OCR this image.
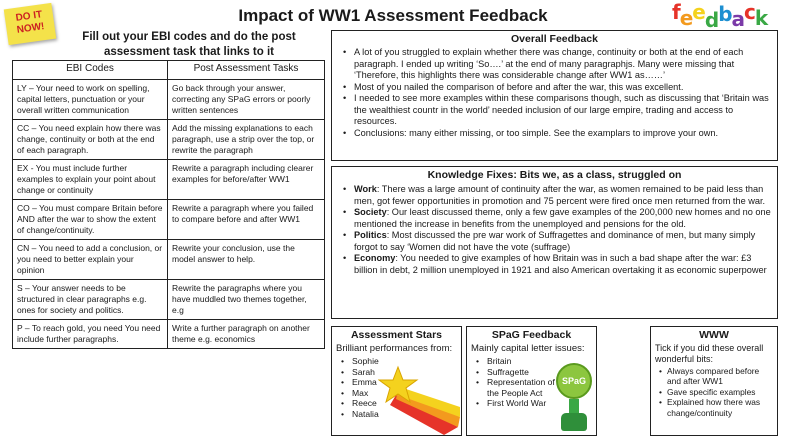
DO IT NOW!
Impact of WW1 Assessment Feedback	feedback
Fill out your EBI codes and do the post assessment task that links to it
EBI Codes	Post Assessment Tasks
LY – Your need to work on spelling, capital letters, punctuation or your overall written communication	Go back through your answer, correcting any SPaG errors or poorly written sentences
CC – You need explain how there was change, continuity or both at the end of each paragraph.	Add the missing explanations to each paragraph, use a strip over the top, or rewrite the paragraph
EX - You must include further examples to explain your point about change or continuity	Rewrite a paragraph including clearer examples for before/after WW1
CO – You must compare Britain before AND after the war to show the extent of change/continuity.	Rewrite a paragraph where you failed to compare before and after WW1
CN – You need to add a conclusion, or you need to better explain your opinion	Rewrite your conclusion, use the model answer to help.
S – Your answer needs to be structured in clear paragraphs e.g. ones for society and politics.	Rewrite the paragraphs where you have muddled two themes together, e.g
P – To reach gold, you need You need include further paragraphs.	Write a further paragraph on another theme e.g. economics
Overall Feedback
• A lot of you struggled to explain whether there was change, continuity or both at the end of each paragraph. I ended up writing ‘So….’ at the end of many paragraphjs. Many were missing that ‘Therefore, this highlights there was considerable change after WW1 as……’
• Most of you nailed the comparison of before and after the war, this was excellent.
• I needed to see more examples within these comparisons though, such as discussing that ‘Britain was the wealthiest countr in the world’ needed inclusion of our large empire, trading and access to resources.
• Conclusions: many either missing, or too simple. See the examplars to improve your own.
Knowledge Fixes: Bits we, as a class, struggled on
• Work: There was a large amount of continuity after the war, as women remained to be paid less than men, got fewer opportunities in promotion and 75 percent were fired once men returned from the war.
• Society: Our least discussed theme, only a few gave examples of the 200,000 new homes and no one mentioned the increase in benefits from the unemployed and pensions for the old.
• Politics: Most discussed the pre war work of Suffragettes and dominance of men, but many simply forgot to say ‘Women did not have the vote (suffrage)
• Economy: You needed to give examples of how Britain was in such a bad shape after the war: £3 billion in debt, 2 million unemployed in 1921 and also American overtaking it as economic superpower
Assessment Stars
Brilliant performances from:
• Sophie
• Sarah
• Emma
• Max
• Reece
• Natalia
SPaG Feedback
Mainly capital letter issues:
• Britain
• Suffragette
• Representation of the People Act
• First World War
SPaG
WWW
Tick if you did these overall wonderful bits:
• Always compared before and after WW1
• Gave specific examples
• Explained how there was change/continuity
